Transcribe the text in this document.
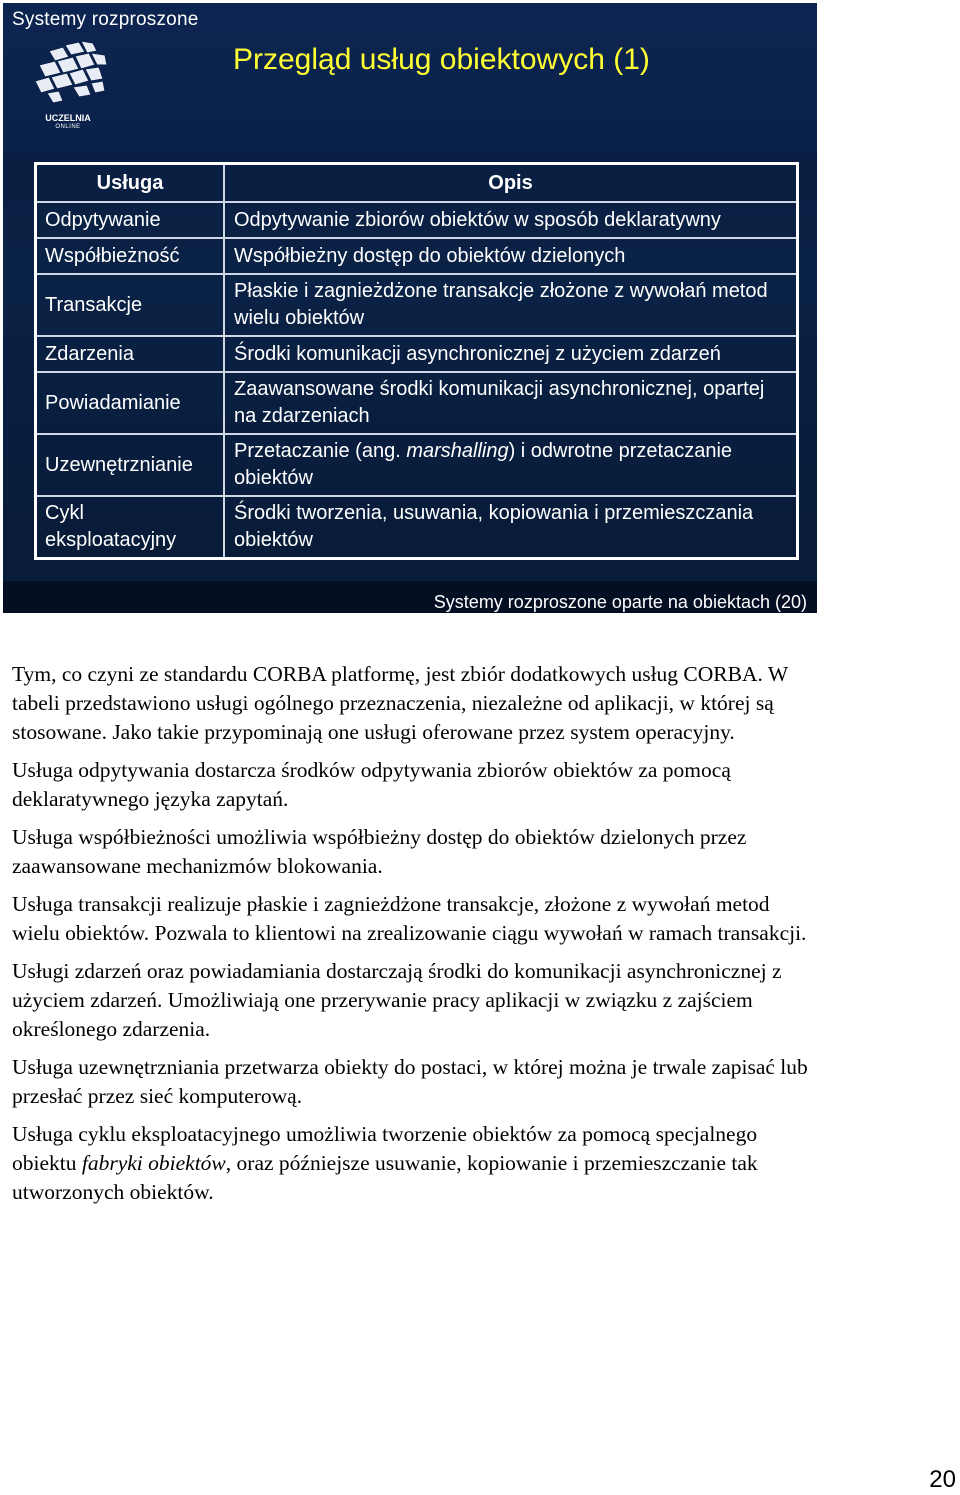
Systemy rozproszone
UCZELNIA
ONLINE
Przegląd usług obiektowych (1)
Usługa	Opis
Odpytywanie	Odpytywanie zbiorów obiektów w sposób deklaratywny
Współbieżność	Współbieżny dostęp do obiektów dzielonych
Transakcje	Płaskie i zagnieżdżone transakcje złożone z wywołań metod wielu obiektów
Zdarzenia	Środki komunikacji asynchronicznej z użyciem zdarzeń
Powiadamianie	Zaawansowane środki komunikacji asynchronicznej, opartej na zdarzeniach
Uzewnętrznianie	Przetaczanie (ang. marshalling) i odwrotne przetaczanie obiektów
Cykl eksploatacyjny	Środki tworzenia, usuwania, kopiowania i przemieszczania obiektów
Systemy rozproszone oparte na obiektach (20)

Tym, co czyni ze standardu CORBA platformę, jest zbiór dodatkowych usług CORBA. W tabeli przedstawiono usługi ogólnego przeznaczenia, niezależne od aplikacji, w której są stosowane. Jako takie przypominają one usługi oferowane przez system operacyjny.

Usługa odpytywania dostarcza środków odpytywania zbiorów obiektów za pomocą deklaratywnego języka zapytań.

Usługa współbieżności umożliwia współbieżny dostęp do obiektów dzielonych przez zaawansowane mechanizmów blokowania.

Usługa transakcji realizuje płaskie i zagnieżdżone transakcje, złożone z wywołań metod wielu obiektów. Pozwala to klientowi na zrealizowanie ciągu wywołań w ramach transakcji.

Usługi zdarzeń oraz powiadamiania dostarczają środki do komunikacji asynchronicznej z użyciem zdarzeń. Umożliwiają one przerywanie pracy aplikacji w związku z zajściem określonego zdarzenia.

Usługa uzewnętrzniania przetwarza obiekty do postaci, w której można je trwale zapisać lub przesłać przez sieć komputerową.

Usługa cyklu eksploatacyjnego umożliwia tworzenie obiektów za pomocą specjalnego obiektu fabryki obiektów, oraz późniejsze usuwanie, kopiowanie i przemieszczanie tak utworzonych obiektów.

20
